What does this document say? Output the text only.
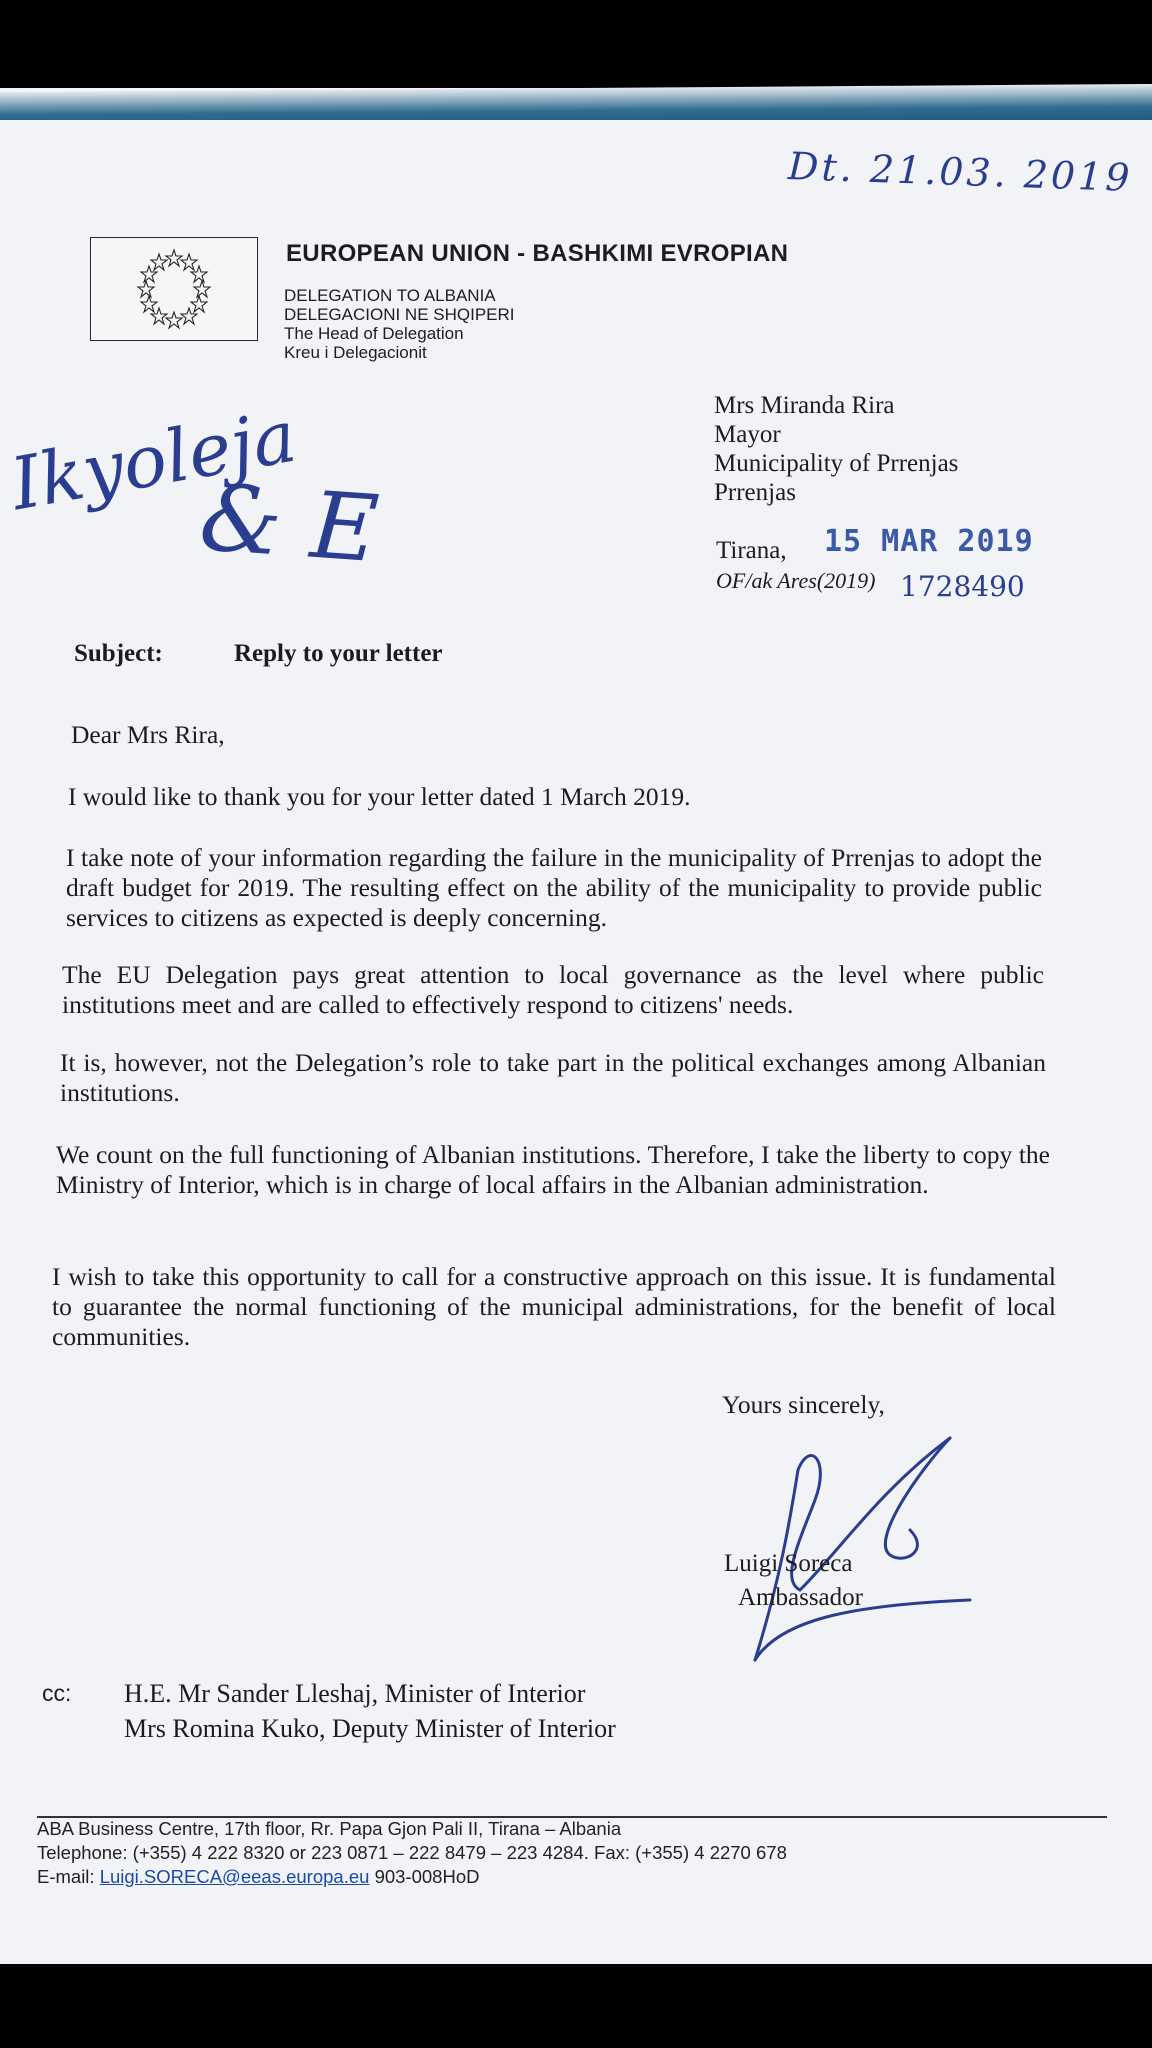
Dt. 21.03. 2019
EUROPEAN UNION - BASHKIMI EVROPIAN
DELEGATION TO ALBANIA
DELEGACIONI NE SHQIPERI
The Head of Delegation
Kreu i Delegacionit
Ikyoleja
& E
Mrs Miranda Rira
Mayor
Municipality of Prrenjas
Prrenjas
Tirana, 15 MAR 2019
OF/ak Ares(2019) 1728490
Subject:	Reply to your letter
Dear Mrs Rira,
I would like to thank you for your letter dated 1 March 2019.
I take note of your information regarding the failure in the municipality of Prrenjas to adopt the draft budget for 2019. The resulting effect on the ability of the municipality to provide public services to citizens as expected is deeply concerning.
The EU Delegation pays great attention to local governance as the level where public institutions meet and are called to effectively respond to citizens' needs.
It is, however, not the Delegation’s role to take part in the political exchanges among Albanian institutions.
We count on the full functioning of Albanian institutions. Therefore, I take the liberty to copy the Ministry of Interior, which is in charge of local affairs in the Albanian administration.
I wish to take this opportunity to call for a constructive approach on this issue. It is fundamental to guarantee the normal functioning of the municipal administrations, for the benefit of local communities.
Yours sincerely,
Luigi Soreca
Ambassador
cc: H.E. Mr Sander Lleshaj, Minister of Interior
Mrs Romina Kuko, Deputy Minister of Interior
ABA Business Centre, 17th floor, Rr. Papa Gjon Pali II, Tirana – Albania
Telephone: (+355) 4 222 8320 or 223 0871 – 222 8479 – 223 4284. Fax: (+355) 4 2270 678
E-mail: Luigi.SORECA@eeas.europa.eu 903-008HoD
